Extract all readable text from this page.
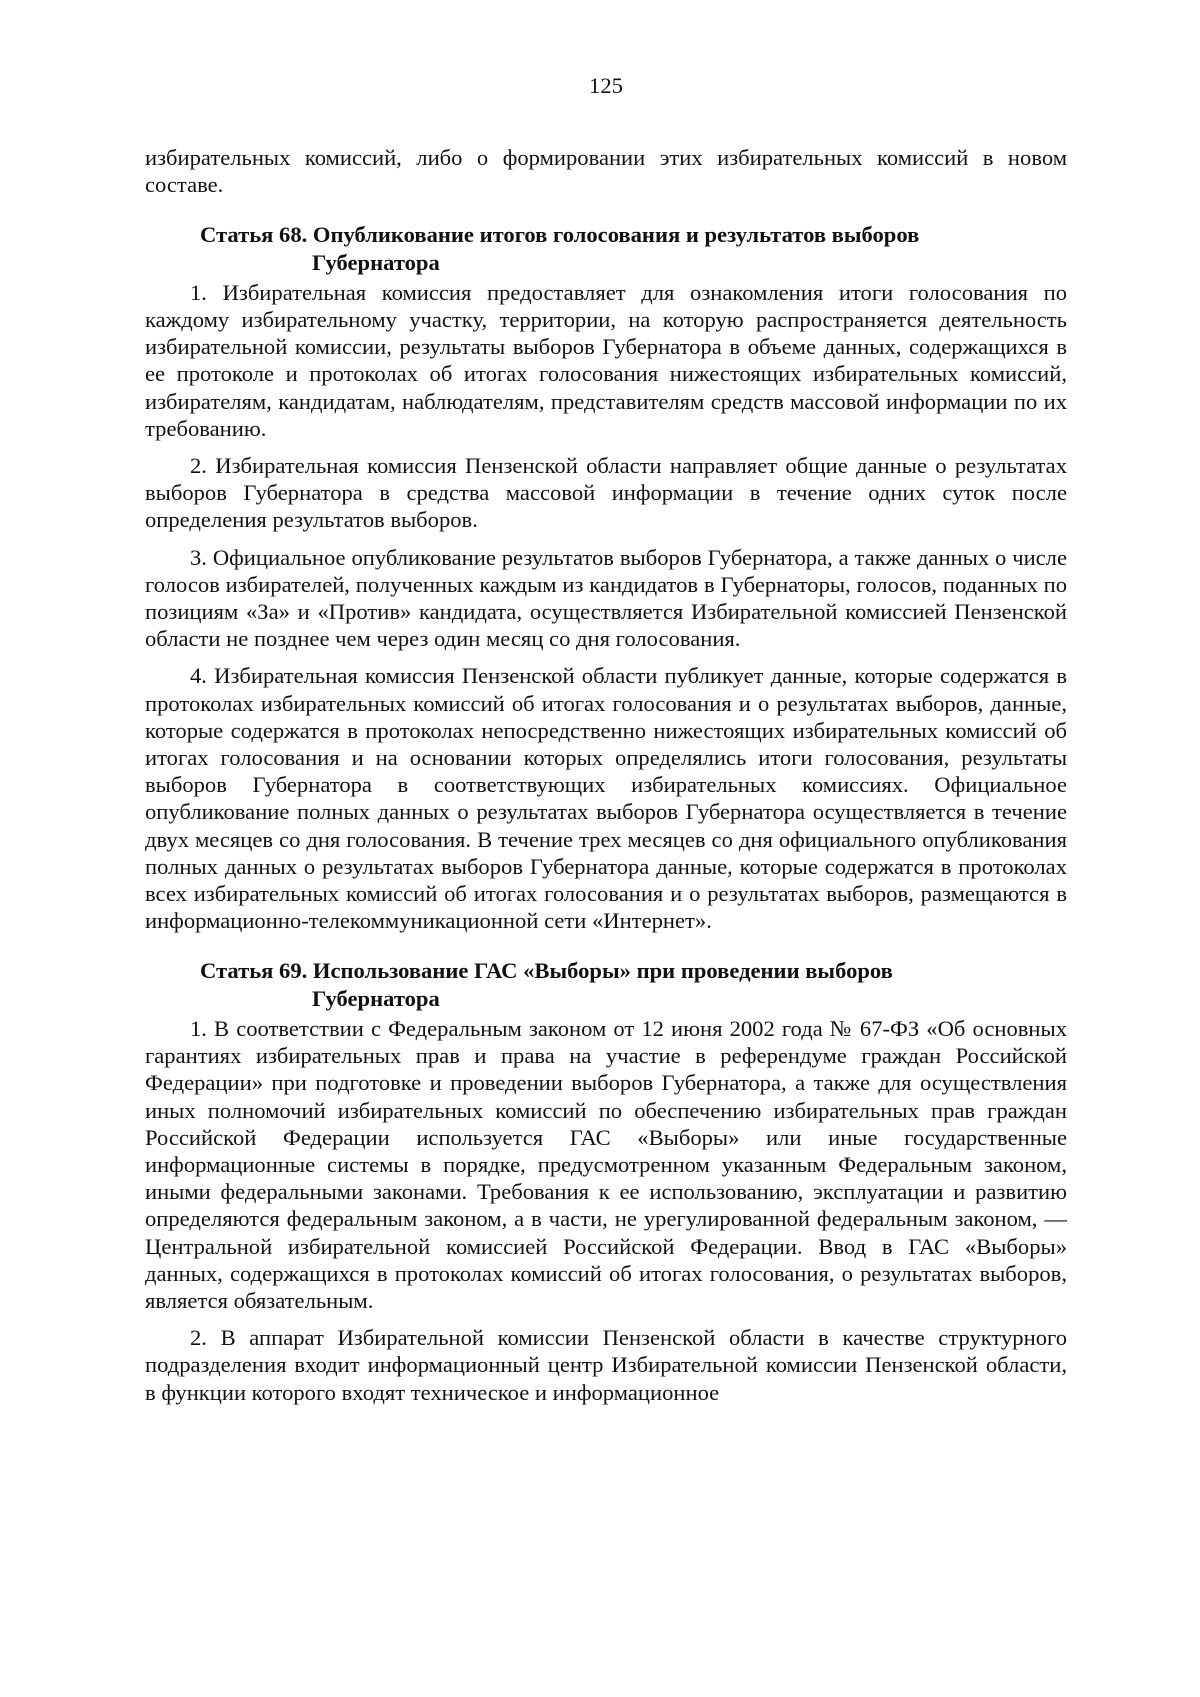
125

избирательных комиссий, либо о формировании этих избирательных комиссий в новом составе.

Статья 68. Опубликование итогов голосования и результатов выборов
Губернатора

1. Избирательная комиссия предоставляет для ознакомления итоги голосования по каждому избирательному участку, территории, на которую распространяется деятельность избирательной комиссии, результаты выборов Губернатора в объеме данных, содержащихся в ее протоколе и протоколах об итогах голосования нижестоящих избирательных комиссий, избирателям, кандидатам, наблюдателям, представителям средств массовой информации по их требованию.

2. Избирательная комиссия Пензенской области направляет общие данные о результатах выборов Губернатора в средства массовой информации в течение одних суток после определения результатов выборов.

3. Официальное опубликование результатов выборов Губернатора, а также данных о числе голосов избирателей, полученных каждым из кандидатов в Губернаторы, голосов, поданных по позициям «За» и «Против» кандидата, осуществляется Избирательной комиссией Пензенской области не позднее чем через один месяц со дня голосования.

4. Избирательная комиссия Пензенской области публикует данные, которые содержатся в протоколах избирательных комиссий об итогах голосования и о результатах выборов, данные, которые содержатся в протоколах непосредственно нижестоящих избирательных комиссий об итогах голосования и на основании которых определялись итоги голосования, результаты выборов Губернатора в соответствующих избирательных комиссиях. Официальное опубликование полных данных о результатах выборов Губернатора осуществляется в течение двух месяцев со дня голосования. В течение трех месяцев со дня официального опубликования полных данных о результатах выборов Губернатора данные, которые содержатся в протоколах всех избирательных комиссий об итогах голосования и о результатах выборов, размещаются в информационно-телекоммуникационной сети «Интернет».

Статья 69. Использование ГАС «Выборы» при проведении выборов
Губернатора

1. В соответствии с Федеральным законом от 12 июня 2002 года № 67-ФЗ «Об основных гарантиях избирательных прав и права на участие в референдуме граждан Российской Федерации» при подготовке и проведении выборов Губернатора, а также для осуществления иных полномочий избирательных комиссий по обеспечению избирательных прав граждан Российской Федерации используется ГАС «Выборы» или иные государственные информационные системы в порядке, предусмотренном указанным Федеральным законом, иными федеральными законами. Требования к ее использованию, эксплуатации и развитию определяются федеральным законом, а в части, не урегулированной федеральным законом, — Центральной избирательной комиссией Российской Федерации. Ввод в ГАС «Выборы» данных, содержащихся в протоколах комиссий об итогах голосования, о результатах выборов, является обязательным.

2. В аппарат Избирательной комиссии Пензенской области в качестве структурного подразделения входит информационный центр Избирательной комиссии Пензенской области, в функции которого входят техническое и информационное
